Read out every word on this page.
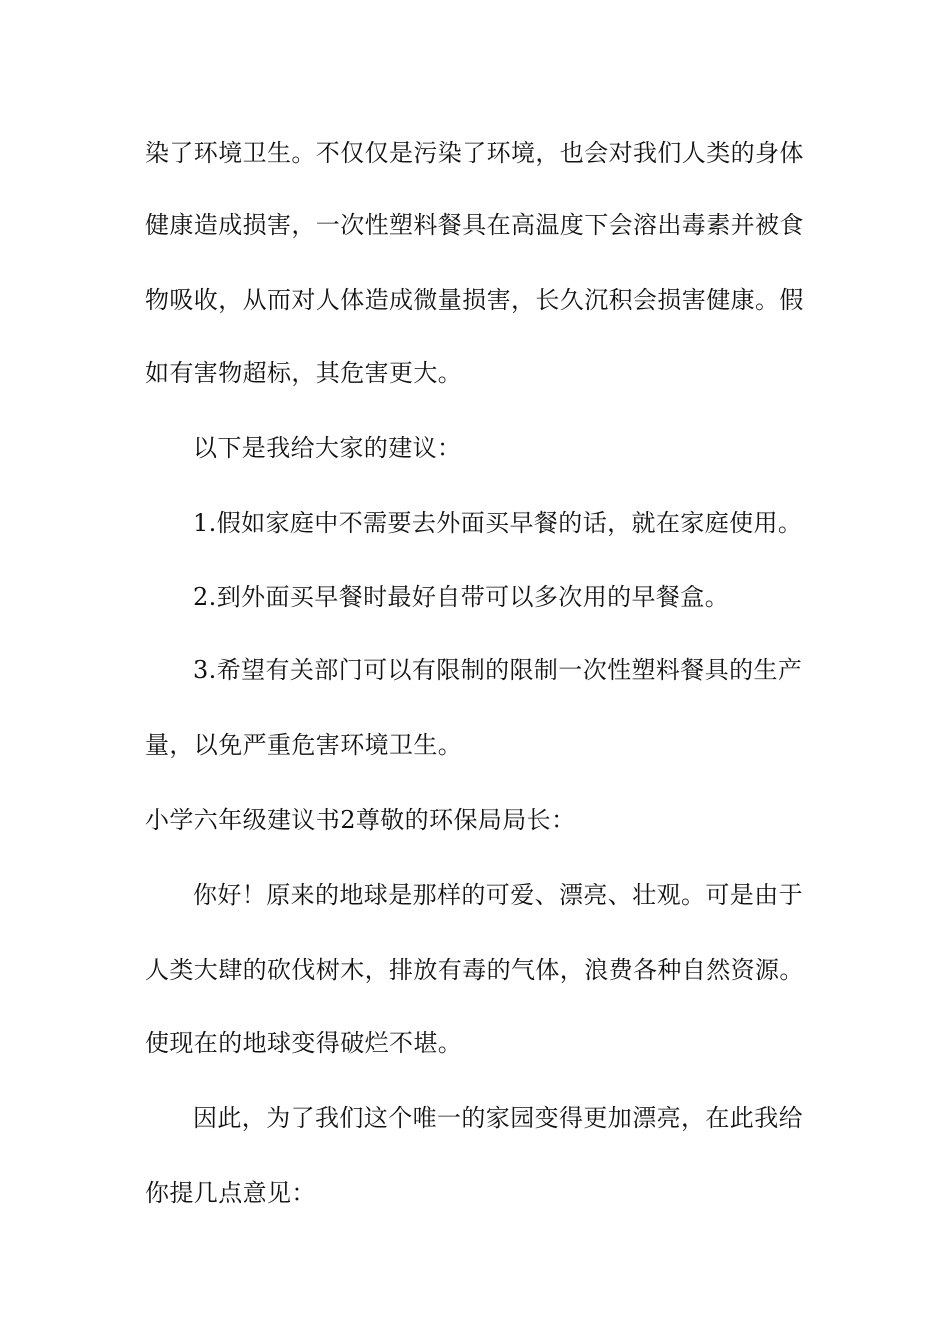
染了环境卫生。不仅仅是污染了环境，也会对我们人类的身体
健康造成损害，一次性塑料餐具在高温度下会溶出毒素并被食
物吸收，从而对人体造成微量损害，长久沉积会损害健康。假
如有害物超标，其危害更大。
以下是我给大家的建议：
1.假如家庭中不需要去外面买早餐的话，就在家庭使用。
2.到外面买早餐时最好自带可以多次用的早餐盒。
3.希望有关部门可以有限制的限制一次性塑料餐具的生产
量，以免严重危害环境卫生。
小学六年级建议书2尊敬的环保局局长：
你好！原来的地球是那样的可爱、漂亮、壮观。可是由于
人类大肆的砍伐树木，排放有毒的气体，浪费各种自然资源。
使现在的地球变得破烂不堪。
因此，为了我们这个唯一的家园变得更加漂亮，在此我给
你提几点意见：
